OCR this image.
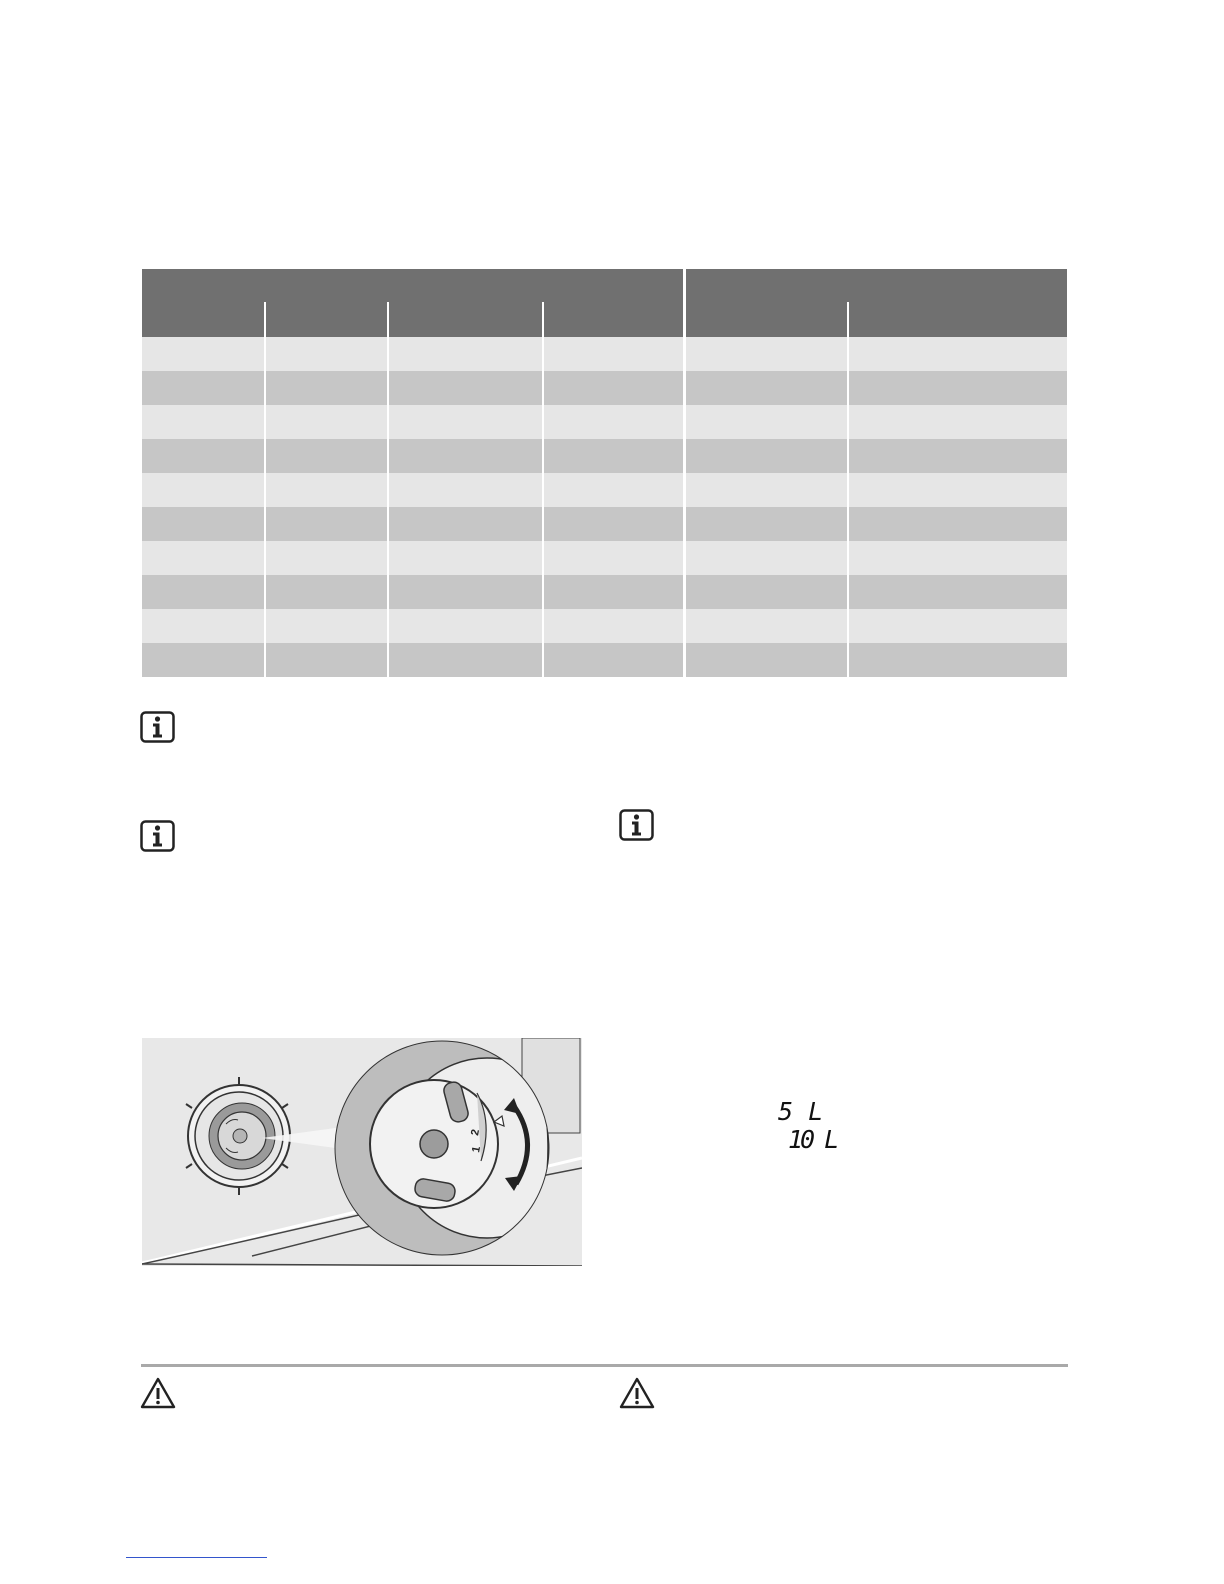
2
1
5 L
10 L
